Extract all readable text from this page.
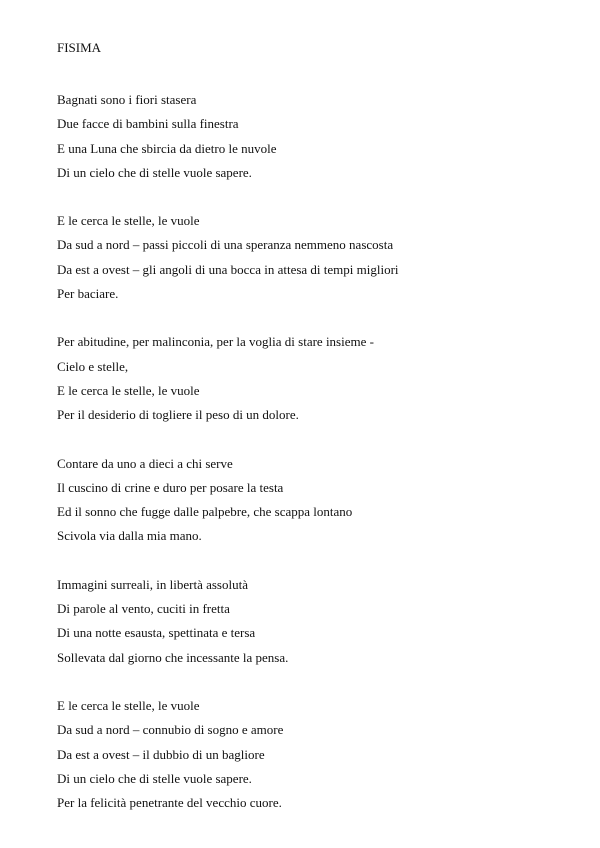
FISIMA
Bagnati sono i fiori stasera
Due facce di bambini sulla finestra
E una Luna che sbircia da dietro le nuvole
Di un cielo che di stelle vuole sapere.
E le cerca le stelle, le vuole
Da sud a nord – passi piccoli di una speranza nemmeno nascosta
Da est a ovest – gli angoli di una bocca in attesa di tempi migliori
Per baciare.
Per abitudine, per malinconia, per la voglia di stare insieme -
Cielo e stelle,
E le cerca le stelle, le vuole
Per il desiderio di togliere il peso di un dolore.
Contare da uno a dieci a chi serve
Il cuscino di crine e duro per posare la testa
Ed il sonno che fugge dalle palpebre, che scappa lontano
Scivola via dalla mia mano.
Immagini surreali, in libertà assolutà
Di parole al vento, cuciti in fretta
Di una notte esausta, spettinata e tersa
Sollevata dal giorno che incessante la pensa.
E le cerca le stelle, le vuole
Da sud a nord – connubio di sogno e amore
Da est a ovest – il dubbio di un bagliore
Di un cielo che di stelle vuole sapere.
Per la felicità penetrante del vecchio cuore.
